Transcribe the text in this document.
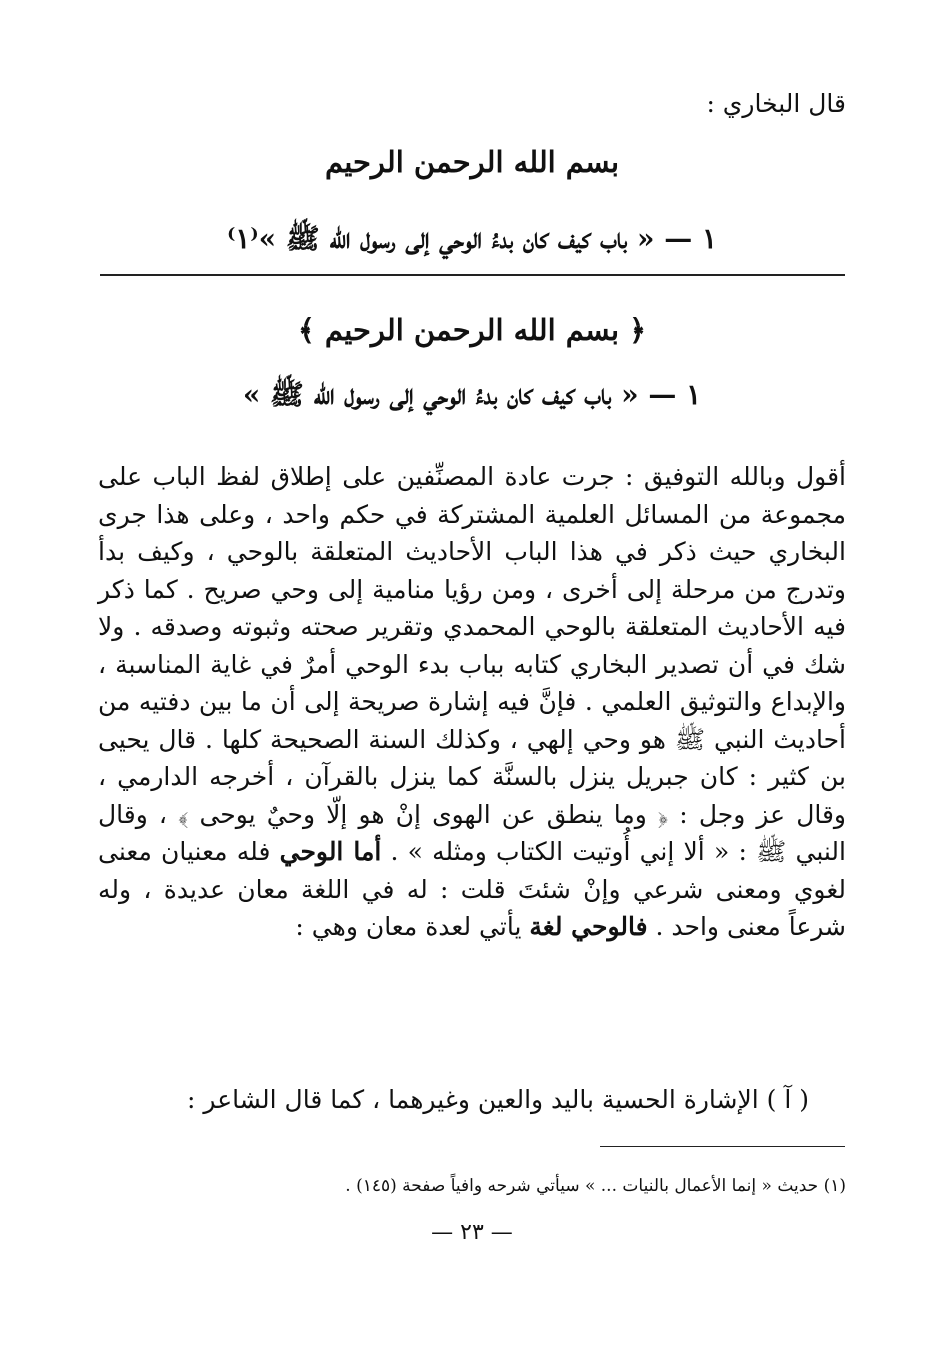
قال البخاري :
بسم الله الرحمن الرحيم
١ — « باب كيف كان بدءُ الوحي إلى رسول الله ﷺ »⁽١⁾
﴿ بسم الله الرحمن الرحيم ﴾
١ — « باب كيف كان بدءُ الوحي إلى رسول الله ﷺ »
أقول وبالله التوفيق : جرت عادة المصنِّفين على إطلاق لفظ الباب على مجموعة من المسائل العلمية المشتركة في حكم واحد ، وعلى هذا جرى البخاري حيث ذكر في هذا الباب الأحاديث المتعلقة بالوحي ، وكيف بدأ وتدرج من مرحلة إلى أخرى ، ومن رؤيا منامية إلى وحي صريح . كما ذكر فيه الأحاديث المتعلقة بالوحي المحمدي وتقرير صحته وثبوته وصدقه . ولا شك في أن تصدير البخاري كتابه بباب بدء الوحي أمرٌ في غاية المناسبة ، والإبداع والتوثيق العلمي . فإنَّ فيه إشارة صريحة إلى أن ما بين دفتيه من أحاديث النبي ﷺ هو وحي إلهي ، وكذلك السنة الصحيحة كلها . قال يحيى بن كثير : كان جبريل ينزل بالسنَّة كما ينزل بالقرآن ، أخرجه الدارمي ، وقال عز وجل : ﴿ وما ينطق عن الهوى إنْ هو إلّا وحيٌ يوحى ﴾ ، وقال النبي ﷺ : « ألا إني أُوتيت الكتاب ومثله » . أما الوحي فله معنيان معنى لغوي ومعنى شرعي وإنْ شئتَ قلت : له في اللغة معان عديدة ، وله شرعاً معنى واحد . فالوحي لغة يأتي لعدة معان وهي :
( آ ) الإشارة الحسية باليد والعين وغيرهما ، كما قال الشاعر :
(١) حديث « إنما الأعمال بالنيات ... » سيأتي شرحه وافياً صفحة (١٤٥) .
— ٢٣ —
